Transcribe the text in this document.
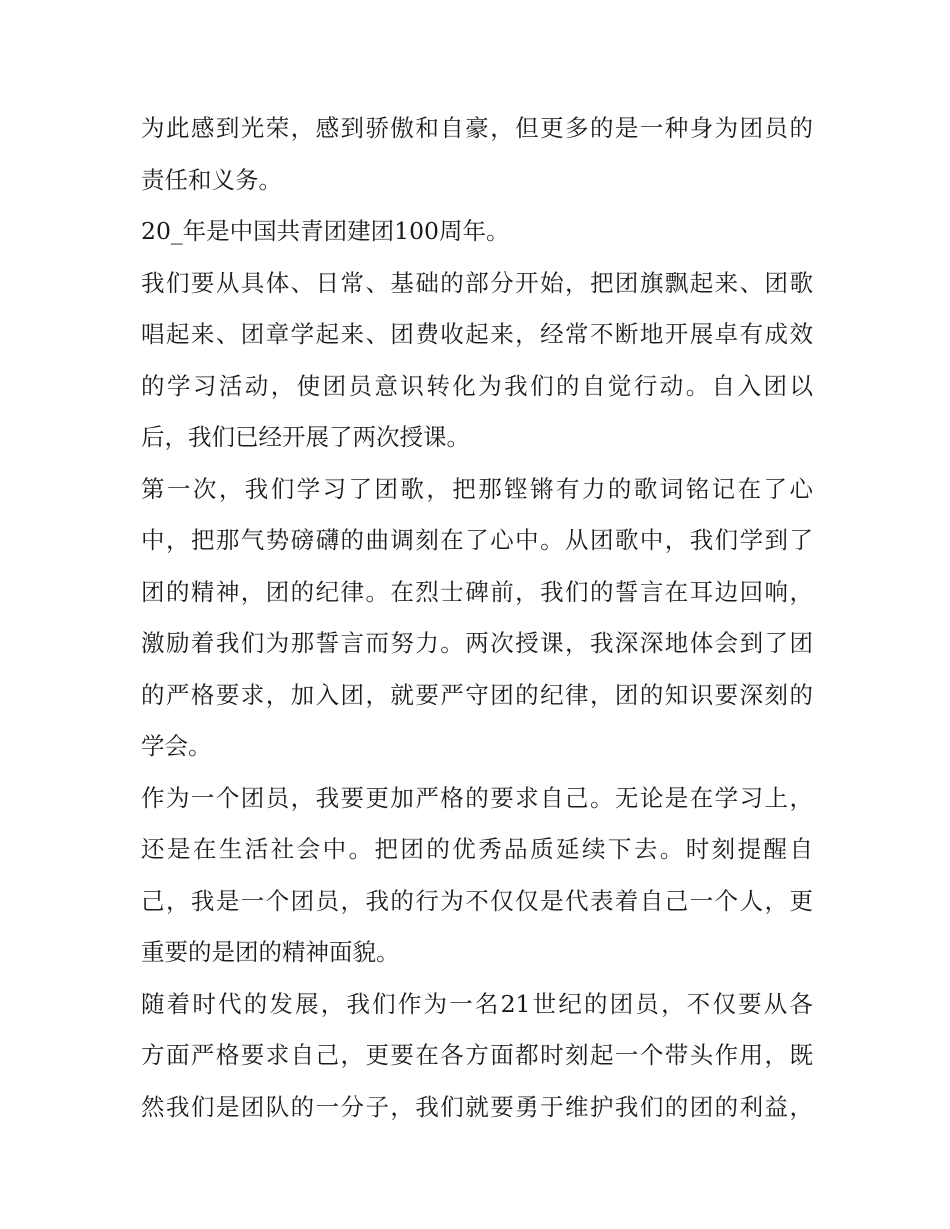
为此感到光荣，感到骄傲和自豪，但更多的是一种身为团员的
责任和义务。
20_年是中国共青团建团100周年。
我们要从具体、日常、基础的部分开始，把团旗飘起来、团歌
唱起来、团章学起来、团费收起来，经常不断地开展卓有成效
的学习活动，使团员意识转化为我们的自觉行动。自入团以
后，我们已经开展了两次授课。
第一次，我们学习了团歌，把那铿锵有力的歌词铭记在了心
中，把那气势磅礴的曲调刻在了心中。从团歌中，我们学到了
团的精神，团的纪律。在烈士碑前，我们的誓言在耳边回响，
激励着我们为那誓言而努力。两次授课，我深深地体会到了团
的严格要求，加入团，就要严守团的纪律，团的知识要深刻的
学会。
作为一个团员，我要更加严格的要求自己。无论是在学习上，
还是在生活社会中。把团的优秀品质延续下去。时刻提醒自
己，我是一个团员，我的行为不仅仅是代表着自己一个人，更
重要的是团的精神面貌。
随着时代的发展，我们作为一名21世纪的团员，不仅要从各
方面严格要求自己，更要在各方面都时刻起一个带头作用，既
然我们是团队的一分子，我们就要勇于维护我们的团的利益，
